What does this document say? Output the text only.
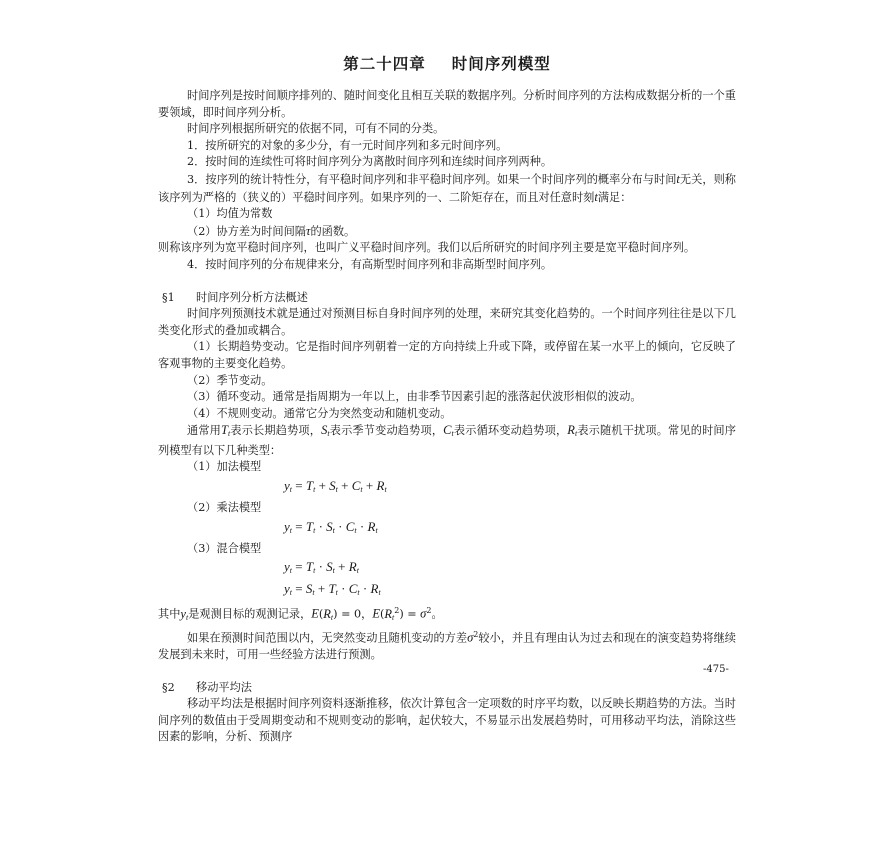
第二十四章 时间序列模型

时间序列是按时间顺序排列的、随时间变化且相互关联的数据序列。分析时间序列的方法构成数据分析的一个重要领域，即时间序列分析。

时间序列根据所研究的依据不同，可有不同的分类。

1．按所研究的对象的多少分，有一元时间序列和多元时间序列。

2．按时间的连续性可将时间序列分为离散时间序列和连续时间序列两种。

3．按序列的统计特性分，有平稳时间序列和非平稳时间序列。如果一个时间序列的概率分布与时间t无关，则称该序列为严格的（狭义的）平稳时间序列。如果序列的一、二阶矩存在，而且对任意时刻t满足：

（1）均值为常数

（2）协方差为时间间隔τ的函数。

则称该序列为宽平稳时间序列，也叫广义平稳时间序列。我们以后所研究的时间序列主要是宽平稳时间序列。

4．按时间序列的分布规律来分，有高斯型时间序列和非高斯型时间序列。

§1 时间序列分析方法概述

时间序列预测技术就是通过对预测目标自身时间序列的处理，来研究其变化趋势的。一个时间序列往往是以下几类变化形式的叠加或耦合。

（1）长期趋势变动。它是指时间序列朝着一定的方向持续上升或下降，或停留在某一水平上的倾向，它反映了客观事物的主要变化趋势。

（2）季节变动。

（3）循环变动。通常是指周期为一年以上，由非季节因素引起的涨落起伏波形相似的波动。

（4）不规则变动。通常它分为突然变动和随机变动。

通常用$T_t$表示长期趋势项，$S_t$表示季节变动趋势项，$C_t$表示循环变动趋势项，$R_t$表示随机干扰项。常见的时间序列模型有以下几种类型：

（1）加法模型

$y_t = T_t + S_t + C_t + R_t$

（2）乘法模型

$y_t = T_t \cdot S_t \cdot C_t \cdot R_t$

（3）混合模型

$y_t = T_t \cdot S_t + R_t$
$y_t = S_t + T_t \cdot C_t \cdot R_t$

其中$y_t$是观测目标的观测记录，$E(R_t) = 0$，$E(R_t^2) = \sigma^2$。

如果在预测时间范围以内，无突然变动且随机变动的方差$\sigma^2$较小，并且有理由认为过去和现在的演变趋势将继续发展到未来时，可用一些经验方法进行预测。

§2 移动平均法

移动平均法是根据时间序列资料逐渐推移，依次计算包含一定项数的时序平均数，以反映长期趋势的方法。当时间序列的数值由于受周期变动和不规则变动的影响，起伏较大，不易显示出发展趋势时，可用移动平均法，消除这些因素的影响，分析、预测序

-475-
